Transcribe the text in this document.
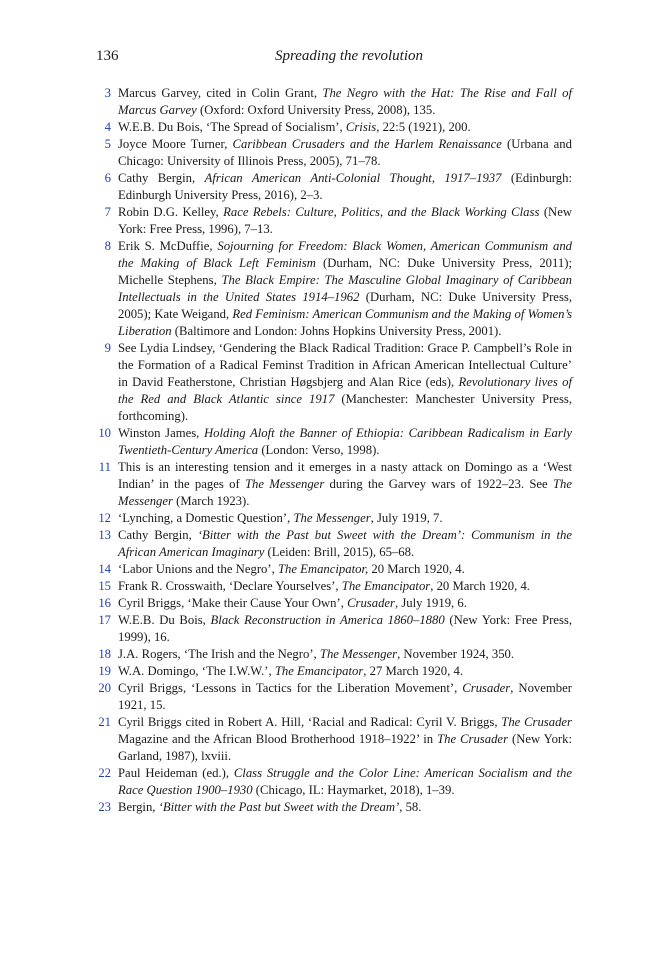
136	Spreading the revolution

3 Marcus Garvey, cited in Colin Grant, The Negro with the Hat: The Rise and Fall of Marcus Garvey (Oxford: Oxford University Press, 2008), 135.

4 W.E.B. Du Bois, ‘The Spread of Socialism’, Crisis, 22:5 (1921), 200.

5 Joyce Moore Turner, Caribbean Crusaders and the Harlem Renaissance (Urbana and Chicago: University of Illinois Press, 2005), 71–78.

6 Cathy Bergin, African American Anti-Colonial Thought, 1917–1937 (Edinburgh: Edinburgh University Press, 2016), 2–3.

7 Robin D.G. Kelley, Race Rebels: Culture, Politics, and the Black Working Class (New York: Free Press, 1996), 7–13.

8 Erik S. McDuffie, Sojourning for Freedom: Black Women, American Communism and the Making of Black Left Feminism (Durham, NC: Duke University Press, 2011); Michelle Stephens, The Black Empire: The Masculine Global Imaginary of Caribbean Intellectuals in the United States 1914–1962 (Durham, NC: Duke University Press, 2005); Kate Weigand, Red Feminism: American Communism and the Making of Women’s Liberation (Baltimore and London: Johns Hopkins University Press, 2001).

9 See Lydia Lindsey, ‘Gendering the Black Radical Tradition: Grace P. Campbell’s Role in the Formation of a Radical Feminst Tradition in African American Intellectual Culture’ in David Featherstone, Christian Høgsbjerg and Alan Rice (eds), Revolutionary lives of the Red and Black Atlantic since 1917 (Manchester: Manchester University Press, forthcoming).

10 Winston James, Holding Aloft the Banner of Ethiopia: Caribbean Radicalism in Early Twentieth-Century America (London: Verso, 1998).

11 This is an interesting tension and it emerges in a nasty attack on Domingo as a ‘West Indian’ in the pages of The Messenger during the Garvey wars of 1922–23. See The Messenger (March 1923).

12 ‘Lynching, a Domestic Question’, The Messenger, July 1919, 7.

13 Cathy Bergin, ‘Bitter with the Past but Sweet with the Dream’: Communism in the African American Imaginary (Leiden: Brill, 2015), 65–68.

14 ‘Labor Unions and the Negro’, The Emancipator, 20 March 1920, 4.

15 Frank R. Crosswaith, ‘Declare Yourselves’, The Emancipator, 20 March 1920, 4.

16 Cyril Briggs, ‘Make their Cause Your Own’, Crusader, July 1919, 6.

17 W.E.B. Du Bois, Black Reconstruction in America 1860–1880 (New York: Free Press, 1999), 16.

18 J.A. Rogers, ‘The Irish and the Negro’, The Messenger, November 1924, 350.

19 W.A. Domingo, ‘The I.W.W.’, The Emancipator, 27 March 1920, 4.

20 Cyril Briggs, ‘Lessons in Tactics for the Liberation Movement’, Crusader, November 1921, 15.

21 Cyril Briggs cited in Robert A. Hill, ‘Racial and Radical: Cyril V. Briggs, The Crusader Magazine and the African Blood Brotherhood 1918–1922’ in The Crusader (New York: Garland, 1987), lxviii.

22 Paul Heideman (ed.), Class Struggle and the Color Line: American Socialism and the Race Question 1900–1930 (Chicago, IL: Haymarket, 2018), 1–39.

23 Bergin, ‘Bitter with the Past but Sweet with the Dream’, 58.
